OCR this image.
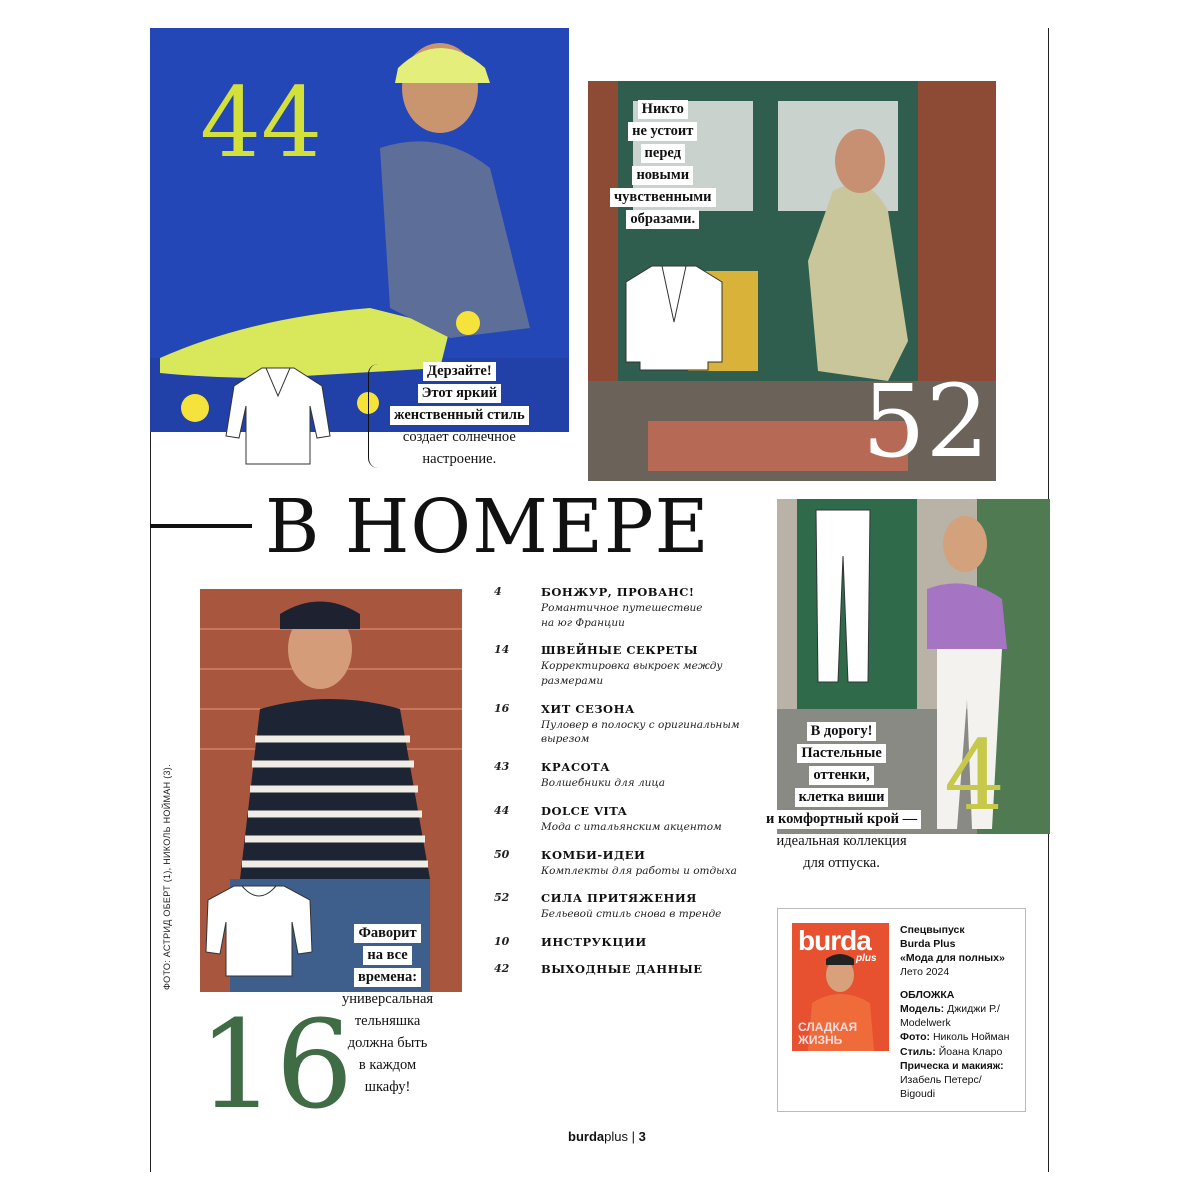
44
Дерзайте!
Этот яркий
женственный стиль
создает солнечное
настроение.	52
Никто
не устоит
перед
новыми
чувственными
образами.
В НОМЕРЕ
4
В дорогу!
Пастельные
оттенки,
клетка виши
и комфортный крой —
идеальная коллекция
для отпуска.
Фаворит
на все
времена:
универсальная
тельняшка
должна быть
в каждом
шкафу!
16
4	БОНЖУР, ПРОВАНС!
Романтичное путешествие
на юг Франции
14	ШВЕЙНЫЕ СЕКРЕТЫ
Корректировка выкроек между
размерами
16	ХИТ СЕЗОНА
Пуловер в полоску с оригинальным
вырезом
43	КРАСОТА
Волшебники для лица
44	DOLCE VITA
Мода с итальянским акцентом
50	КОМБИ-ИДЕИ
Комплекты для работы и отдыха
52	СИЛА ПРИТЯЖЕНИЯ
Бельевой стиль снова в тренде
10	ИНСТРУКЦИИ
42	ВЫХОДНЫЕ ДАННЫЕ
ФОТО: АСТРИД ОБЕРТ (1), НИКОЛЬ НОЙМАН (3).	burda
plus
СЛАДКАЯ
ЖИЗНЬ
Спецвыпуск
Burda Plus
«Мода для полных»
Лето 2024
ОБЛОЖКА
Модель: Джиджи Р./
Modelwerk
Фото: Николь Нойман
Стиль: Йоана Кларо
Прическа и макияж:
Изабель Петерс/
Bigoudi
burdaplus | 3
